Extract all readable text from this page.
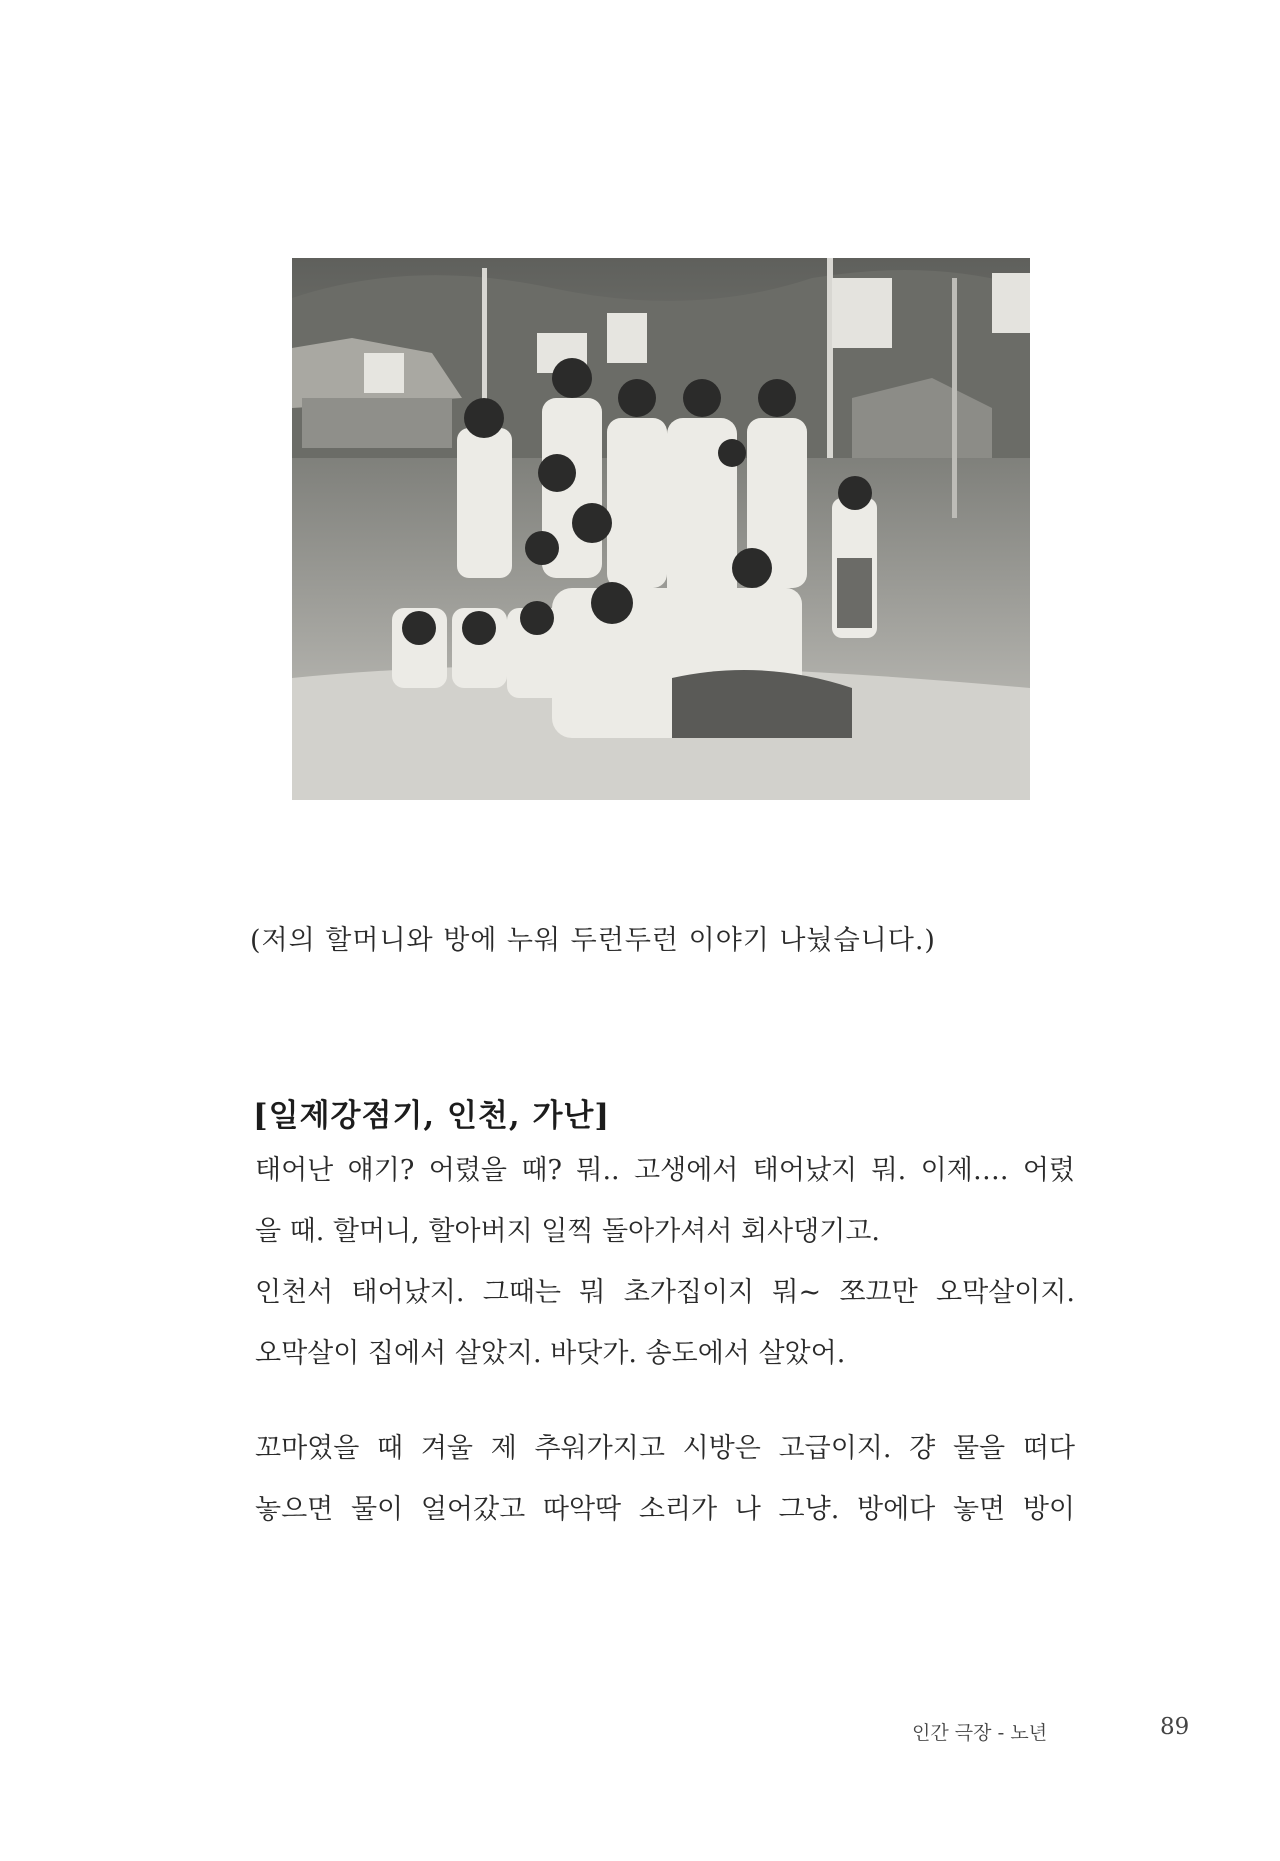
(저의 할머니와 방에 누워 두런두런 이야기 나눴습니다.)
[일제강점기, 인천, 가난]
태어난 얘기? 어렸을 때? 뭐.. 고생에서 태어났지 뭐. 이제…. 어렸
을 때. 할머니, 할아버지 일찍 돌아가셔서 회사댕기고.
인천서 태어났지. 그때는 뭐 초가집이지 뭐~ 쪼끄만 오막살이지.
오막살이 집에서 살았지. 바닷가. 송도에서 살았어.
꼬마였을 때 겨울 제 추워가지고 시방은 고급이지. 걍 물을 떠다
놓으면 물이 얼어갔고 따악딱 소리가 나 그냥. 방에다 놓면 방이
인간 극장 - 노년	89
